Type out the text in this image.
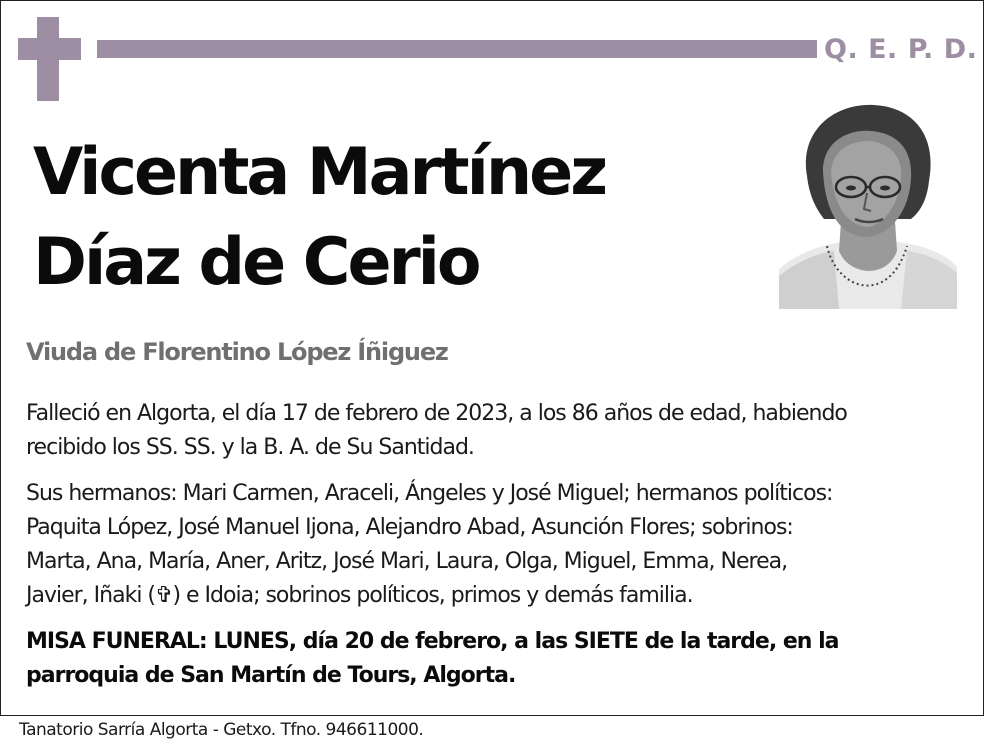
Q. E. P. D.
Vicenta Martínez
Díaz de Cerio
Viuda de Florentino López Íñiguez
Falleció en Algorta, el día 17 de febrero de 2023, a los 86 años de edad, habiendo
recibido los SS. SS. y la B. A. de Su Santidad.
Sus hermanos: Mari Carmen, Araceli, Ángeles y José Miguel; hermanos políticos:
Paquita López, José Manuel Ijona, Alejandro Abad, Asunción Flores; sobrinos:
Marta, Ana, María, Aner, Aritz, José Mari, Laura, Olga, Miguel, Emma, Nerea,
Javier, Iñaki (✞) e Idoia; sobrinos políticos, primos y demás familia.
MISA FUNERAL: LUNES, día 20 de febrero, a las SIETE de la tarde, en la
parroquia de San Martín de Tours, Algorta.
Tanatorio Sarría Algorta - Getxo. Tfno. 946611000.
